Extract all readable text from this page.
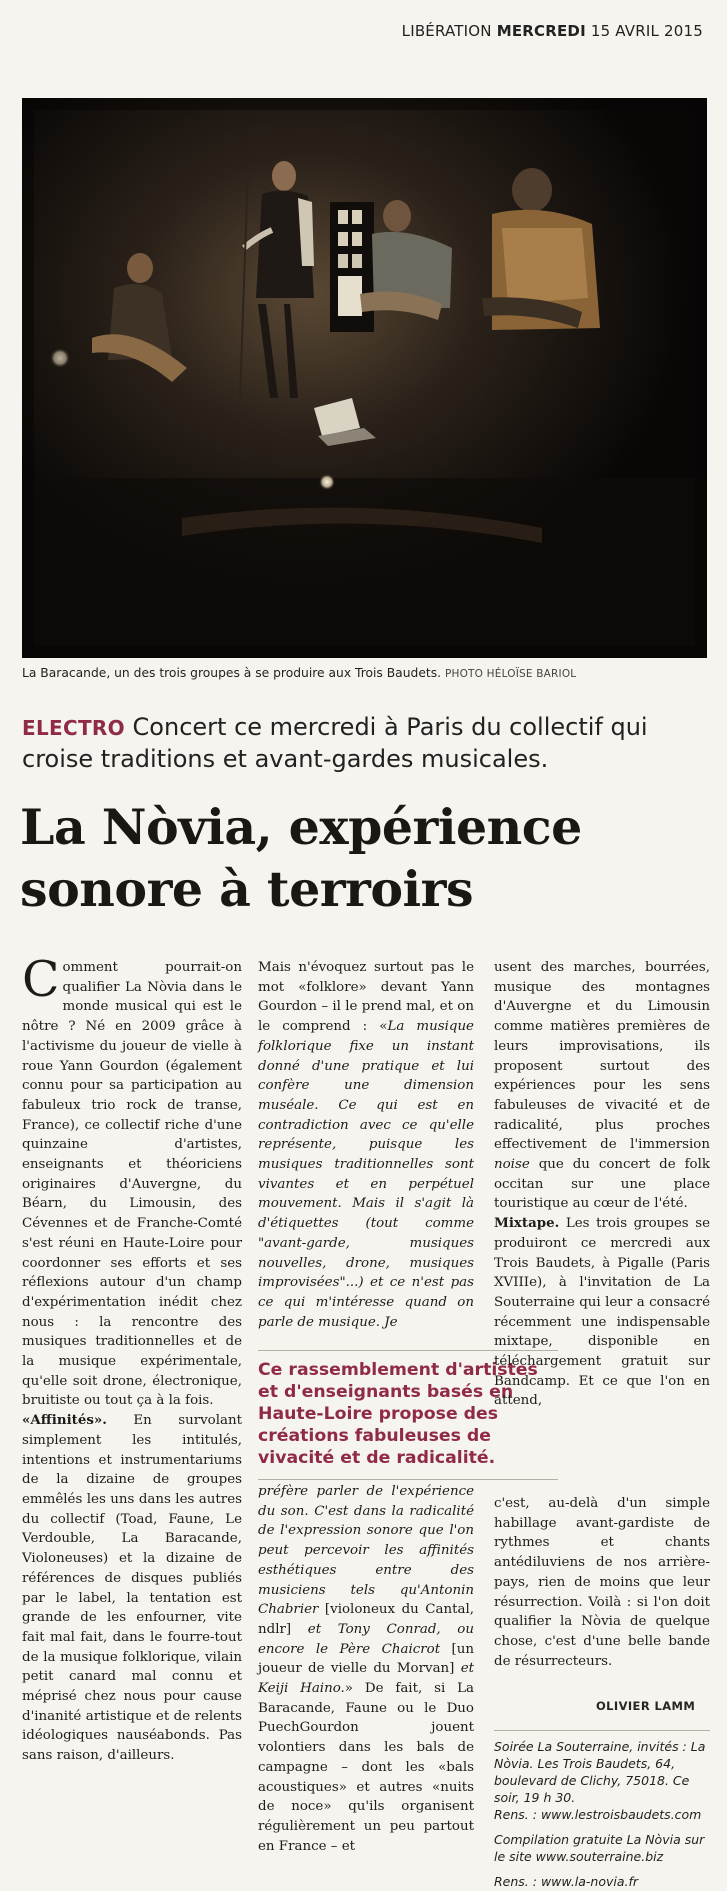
LIBÉRATION MERCREDI 15 AVRIL 2015
La Baracande, un des trois groupes à se produire aux Trois Baudets. PHOTO HÉLOÏSE BARIOL
ELECTRO Concert ce mercredi à Paris du collectif qui croise traditions et avant-gardes musicales.
La Nòvia, expérience sonore à terroirs

Comment pourrait-on qualifier La Nòvia dans le monde musical qui est le nôtre ? Né en 2009 grâce à l'activisme du joueur de vielle à roue Yann Gourdon (également connu pour sa participation au fabuleux trio rock de transe, France), ce collectif riche d'une quinzaine d'artistes, enseignants et théoriciens originaires d'Auvergne, du Béarn, du Limousin, des Cévennes et de Franche-Comté s'est réuni en Haute-Loire pour coordonner ses efforts et ses réflexions autour d'un champ d'expérimentation inédit chez nous : la rencontre des musiques traditionnelles et de la musique expérimentale, qu'elle soit drone, électronique, bruitiste ou tout ça à la fois.

«Affinités». En survolant simplement les intitulés, intentions et instrumentariums de la dizaine de groupes emmêlés les uns dans les autres du collectif (Toad, Faune, Le Verdouble, La Baracande, Violoneuses) et la dizaine de références de disques publiés par le label, la tentation est grande de les enfourner, vite fait mal fait, dans le fourre-tout de la musique folklorique, vilain petit canard mal connu et méprisé chez nous pour cause d'inanité artistique et de relents idéologiques nauséabonds. Pas sans raison, d'ailleurs.

Mais n'évoquez surtout pas le mot «folklore» devant Yann Gourdon – il le prend mal, et on le comprend : «La musique folklorique fixe un instant donné d'une pratique et lui confère une dimension muséale. Ce qui est en contradiction avec ce qu'elle représente, puisque les musiques traditionnelles sont vivantes et en perpétuel mouvement. Mais il s'agit là d'étiquettes (tout comme "avant-garde, musiques nouvelles, drone, musiques improvisées"...) et ce n'est pas ce qui m'intéresse quand on parle de musique. Je

Ce rassemblement d'artistes et d'enseignants basés en Haute-Loire propose des créations fabuleuses de vivacité et de radicalité.

préfère parler de l'expérience du son. C'est dans la radicalité de l'expression sonore que l'on peut percevoir les affinités esthétiques entre des musiciens tels qu'Antonin Chabrier [violoneux du Cantal, ndlr] et Tony Conrad, ou encore le Père Chaicrot [un joueur de vielle du Morvan] et Keiji Haino.» De fait, si La Baracande, Faune ou le Duo PuechGourdon jouent volontiers dans les bals de campagne – dont les «bals acoustiques» et autres «nuits de noce» qu'ils organisent régulièrement un peu partout en France – et

usent des marches, bourrées, musique des montagnes d'Auvergne et du Limousin comme matières premières de leurs improvisations, ils proposent surtout des expériences pour les sens fabuleuses de vivacité et de radicalité, plus proches effectivement de l'immersion noise que du concert de folk occitan sur une place touristique au cœur de l'été.

Mixtape. Les trois groupes se produiront ce mercredi aux Trois Baudets, à Pigalle (Paris XVIIIe), à l'invitation de La Souterraine qui leur a consacré récemment une indispensable mixtape, disponible en téléchargement gratuit sur Bandcamp. Et ce que l'on en attend,

c'est, au-delà d'un simple habillage avant-gardiste de rythmes et chants antédiluviens de nos arrière-pays, rien de moins que leur résurrection. Voilà : si l'on doit qualifier la Nòvia de quelque chose, c'est d'une belle bande de résurrecteurs.

OLIVIER LAMM
Soirée La Souterraine, invités : La Nòvia. Les Trois Baudets, 64, boulevard de Clichy, 75018. Ce soir, 19 h 30.
Rens. : www.lestroisbaudets.com
Compilation gratuite La Nòvia sur le site www.souterraine.biz
Rens. : www.la-novia.fr
